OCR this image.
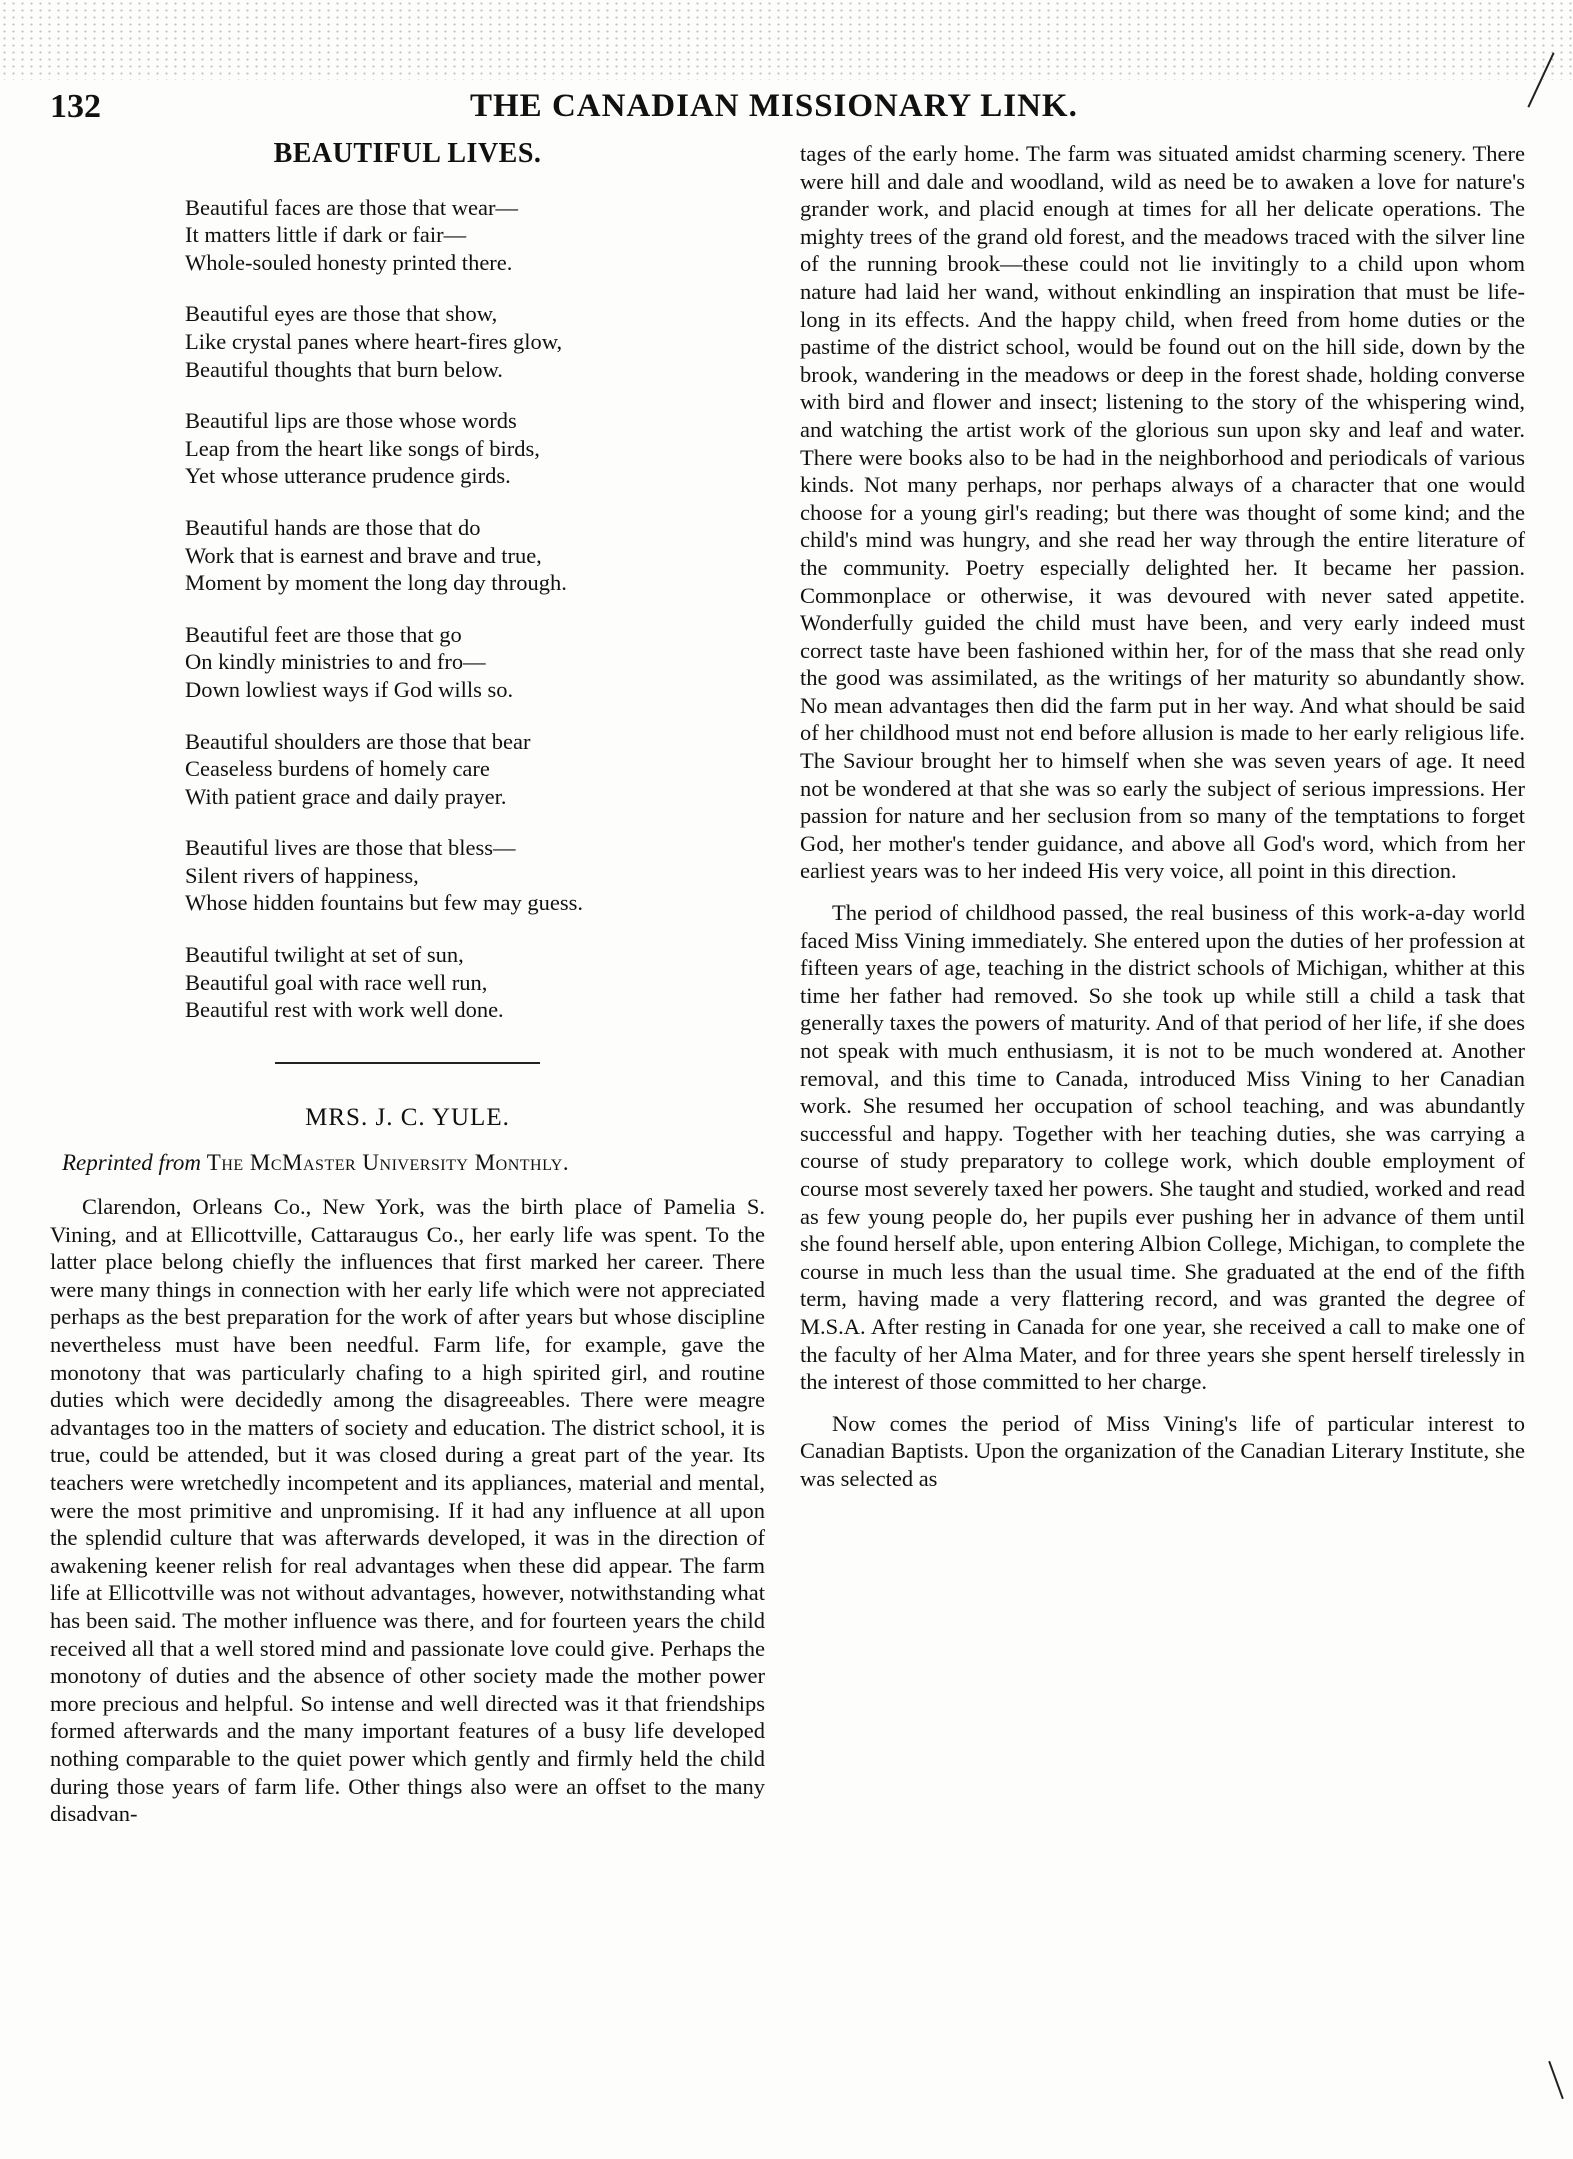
132	THE CANADIAN MISSIONARY LINK.
BEAUTIFUL LIVES.
Beautiful faces are those that wear—
It matters little if dark or fair—
Whole-souled honesty printed there.
Beautiful eyes are those that show,
Like crystal panes where heart-fires glow,
Beautiful thoughts that burn below.
Beautiful lips are those whose words
Leap from the heart like songs of birds,
Yet whose utterance prudence girds.
Beautiful hands are those that do
Work that is earnest and brave and true,
Moment by moment the long day through.
Beautiful feet are those that go
On kindly ministries to and fro—
Down lowliest ways if God wills so.
Beautiful shoulders are those that bear
Ceaseless burdens of homely care
With patient grace and daily prayer.
Beautiful lives are those that bless—
Silent rivers of happiness,
Whose hidden fountains but few may guess.
Beautiful twilight at set of sun,
Beautiful goal with race well run,
Beautiful rest with work well done.
MRS. J. C. YULE.
Reprinted from The McMaster University Monthly.

Clarendon, Orleans Co., New York, was the birth place of Pamelia S. Vining, and at Ellicottville, Cattaraugus Co., her early life was spent. To the latter place belong chiefly the influences that first marked her career. There were many things in connection with her early life which were not appreciated perhaps as the best preparation for the work of after years but whose discipline nevertheless must have been needful. Farm life, for example, gave the monotony that was particularly chafing to a high spirited girl, and routine duties which were decidedly among the disagreeables. There were meagre advantages too in the matters of society and education. The district school, it is true, could be attended, but it was closed during a great part of the year. Its teachers were wretchedly incompetent and its appliances, material and mental, were the most primitive and unpromising. If it had any influence at all upon the splendid culture that was afterwards developed, it was in the direction of awakening keener relish for real advantages when these did appear. The farm life at Ellicottville was not without advantages, however, notwithstanding what has been said. The mother influence was there, and for fourteen years the child received all that a well stored mind and passionate love could give. Perhaps the monotony of duties and the absence of other society made the mother power more precious and helpful. So intense and well directed was it that friendships formed afterwards and the many important features of a busy life developed nothing comparable to the quiet power which gently and firmly held the child during those years of farm life. Other things also were an offset to the many disadvan-

tages of the early home. The farm was situated amidst charming scenery. There were hill and dale and woodland, wild as need be to awaken a love for nature's grander work, and placid enough at times for all her delicate operations. The mighty trees of the grand old forest, and the meadows traced with the silver line of the running brook—these could not lie invitingly to a child upon whom nature had laid her wand, without enkindling an inspiration that must be life-long in its effects. And the happy child, when freed from home duties or the pastime of the district school, would be found out on the hill side, down by the brook, wandering in the meadows or deep in the forest shade, holding converse with bird and flower and insect; listening to the story of the whispering wind, and watching the artist work of the glorious sun upon sky and leaf and water. There were books also to be had in the neighborhood and periodicals of various kinds. Not many perhaps, nor perhaps always of a character that one would choose for a young girl's reading; but there was thought of some kind; and the child's mind was hungry, and she read her way through the entire literature of the community. Poetry especially delighted her. It became her passion. Commonplace or otherwise, it was devoured with never sated appetite. Wonderfully guided the child must have been, and very early indeed must correct taste have been fashioned within her, for of the mass that she read only the good was assimilated, as the writings of her maturity so abundantly show. No mean advantages then did the farm put in her way. And what should be said of her childhood must not end before allusion is made to her early religious life. The Saviour brought her to himself when she was seven years of age. It need not be wondered at that she was so early the subject of serious impressions. Her passion for nature and her seclusion from so many of the temptations to forget God, her mother's tender guidance, and above all God's word, which from her earliest years was to her indeed His very voice, all point in this direction.

The period of childhood passed, the real business of this work-a-day world faced Miss Vining immediately. She entered upon the duties of her profession at fifteen years of age, teaching in the district schools of Michigan, whither at this time her father had removed. So she took up while still a child a task that generally taxes the powers of maturity. And of that period of her life, if she does not speak with much enthusiasm, it is not to be much wondered at. Another removal, and this time to Canada, introduced Miss Vining to her Canadian work. She resumed her occupation of school teaching, and was abundantly successful and happy. Together with her teaching duties, she was carrying a course of study preparatory to college work, which double employment of course most severely taxed her powers. She taught and studied, worked and read as few young people do, her pupils ever pushing her in advance of them until she found herself able, upon entering Albion College, Michigan, to complete the course in much less than the usual time. She graduated at the end of the fifth term, having made a very flattering record, and was granted the degree of M.S.A. After resting in Canada for one year, she received a call to make one of the faculty of her Alma Mater, and for three years she spent herself tirelessly in the interest of those committed to her charge.

Now comes the period of Miss Vining's life of particular interest to Canadian Baptists. Upon the organization of the Canadian Literary Institute, she was selected as
